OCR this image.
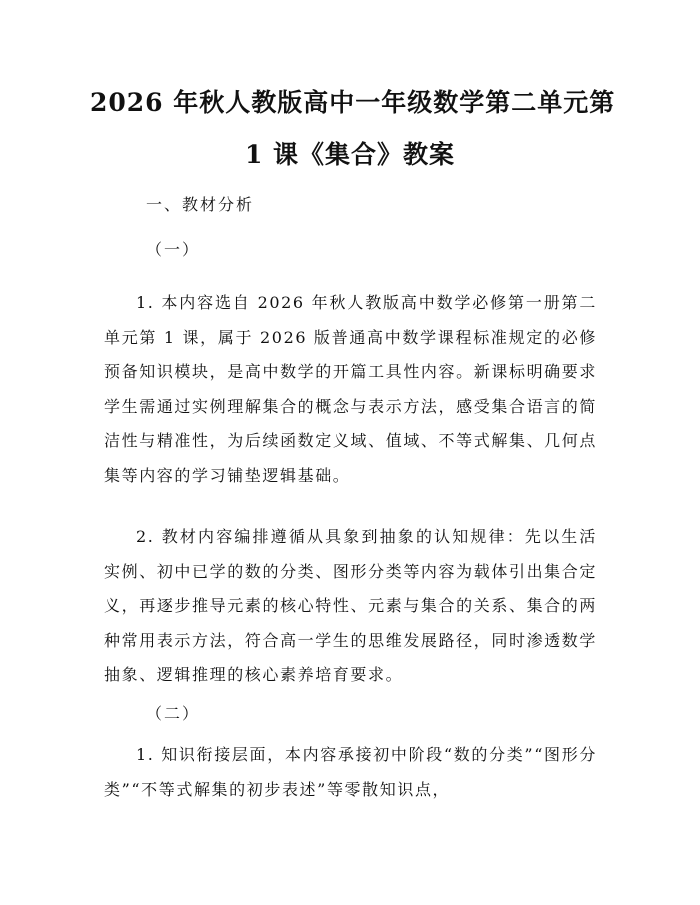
2026 年秋人教版高中一年级数学第二单元第
1 课《集合》教案
一、教材分析
（一）

1. 本内容选自 2026 年秋人教版高中数学必修第一册第二单元第 1 课，属于 2026 版普通高中数学课程标准规定的必修预备知识模块，是高中数学的开篇工具性内容。新课标明确要求学生需通过实例理解集合的概念与表示方法，感受集合语言的简洁性与精准性，为后续函数定义域、值域、不等式解集、几何点集等内容的学习铺垫逻辑基础。

2. 教材内容编排遵循从具象到抽象的认知规律：先以生活实例、初中已学的数的分类、图形分类等内容为载体引出集合定义，再逐步推导元素的核心特性、元素与集合的关系、集合的两种常用表示方法，符合高一学生的思维发展路径，同时渗透数学抽象、逻辑推理的核心素养培育要求。

（二）

1. 知识衔接层面，本内容承接初中阶段“数的分类”“图形分类”“不等式解集的初步表述”等零散知识点，
